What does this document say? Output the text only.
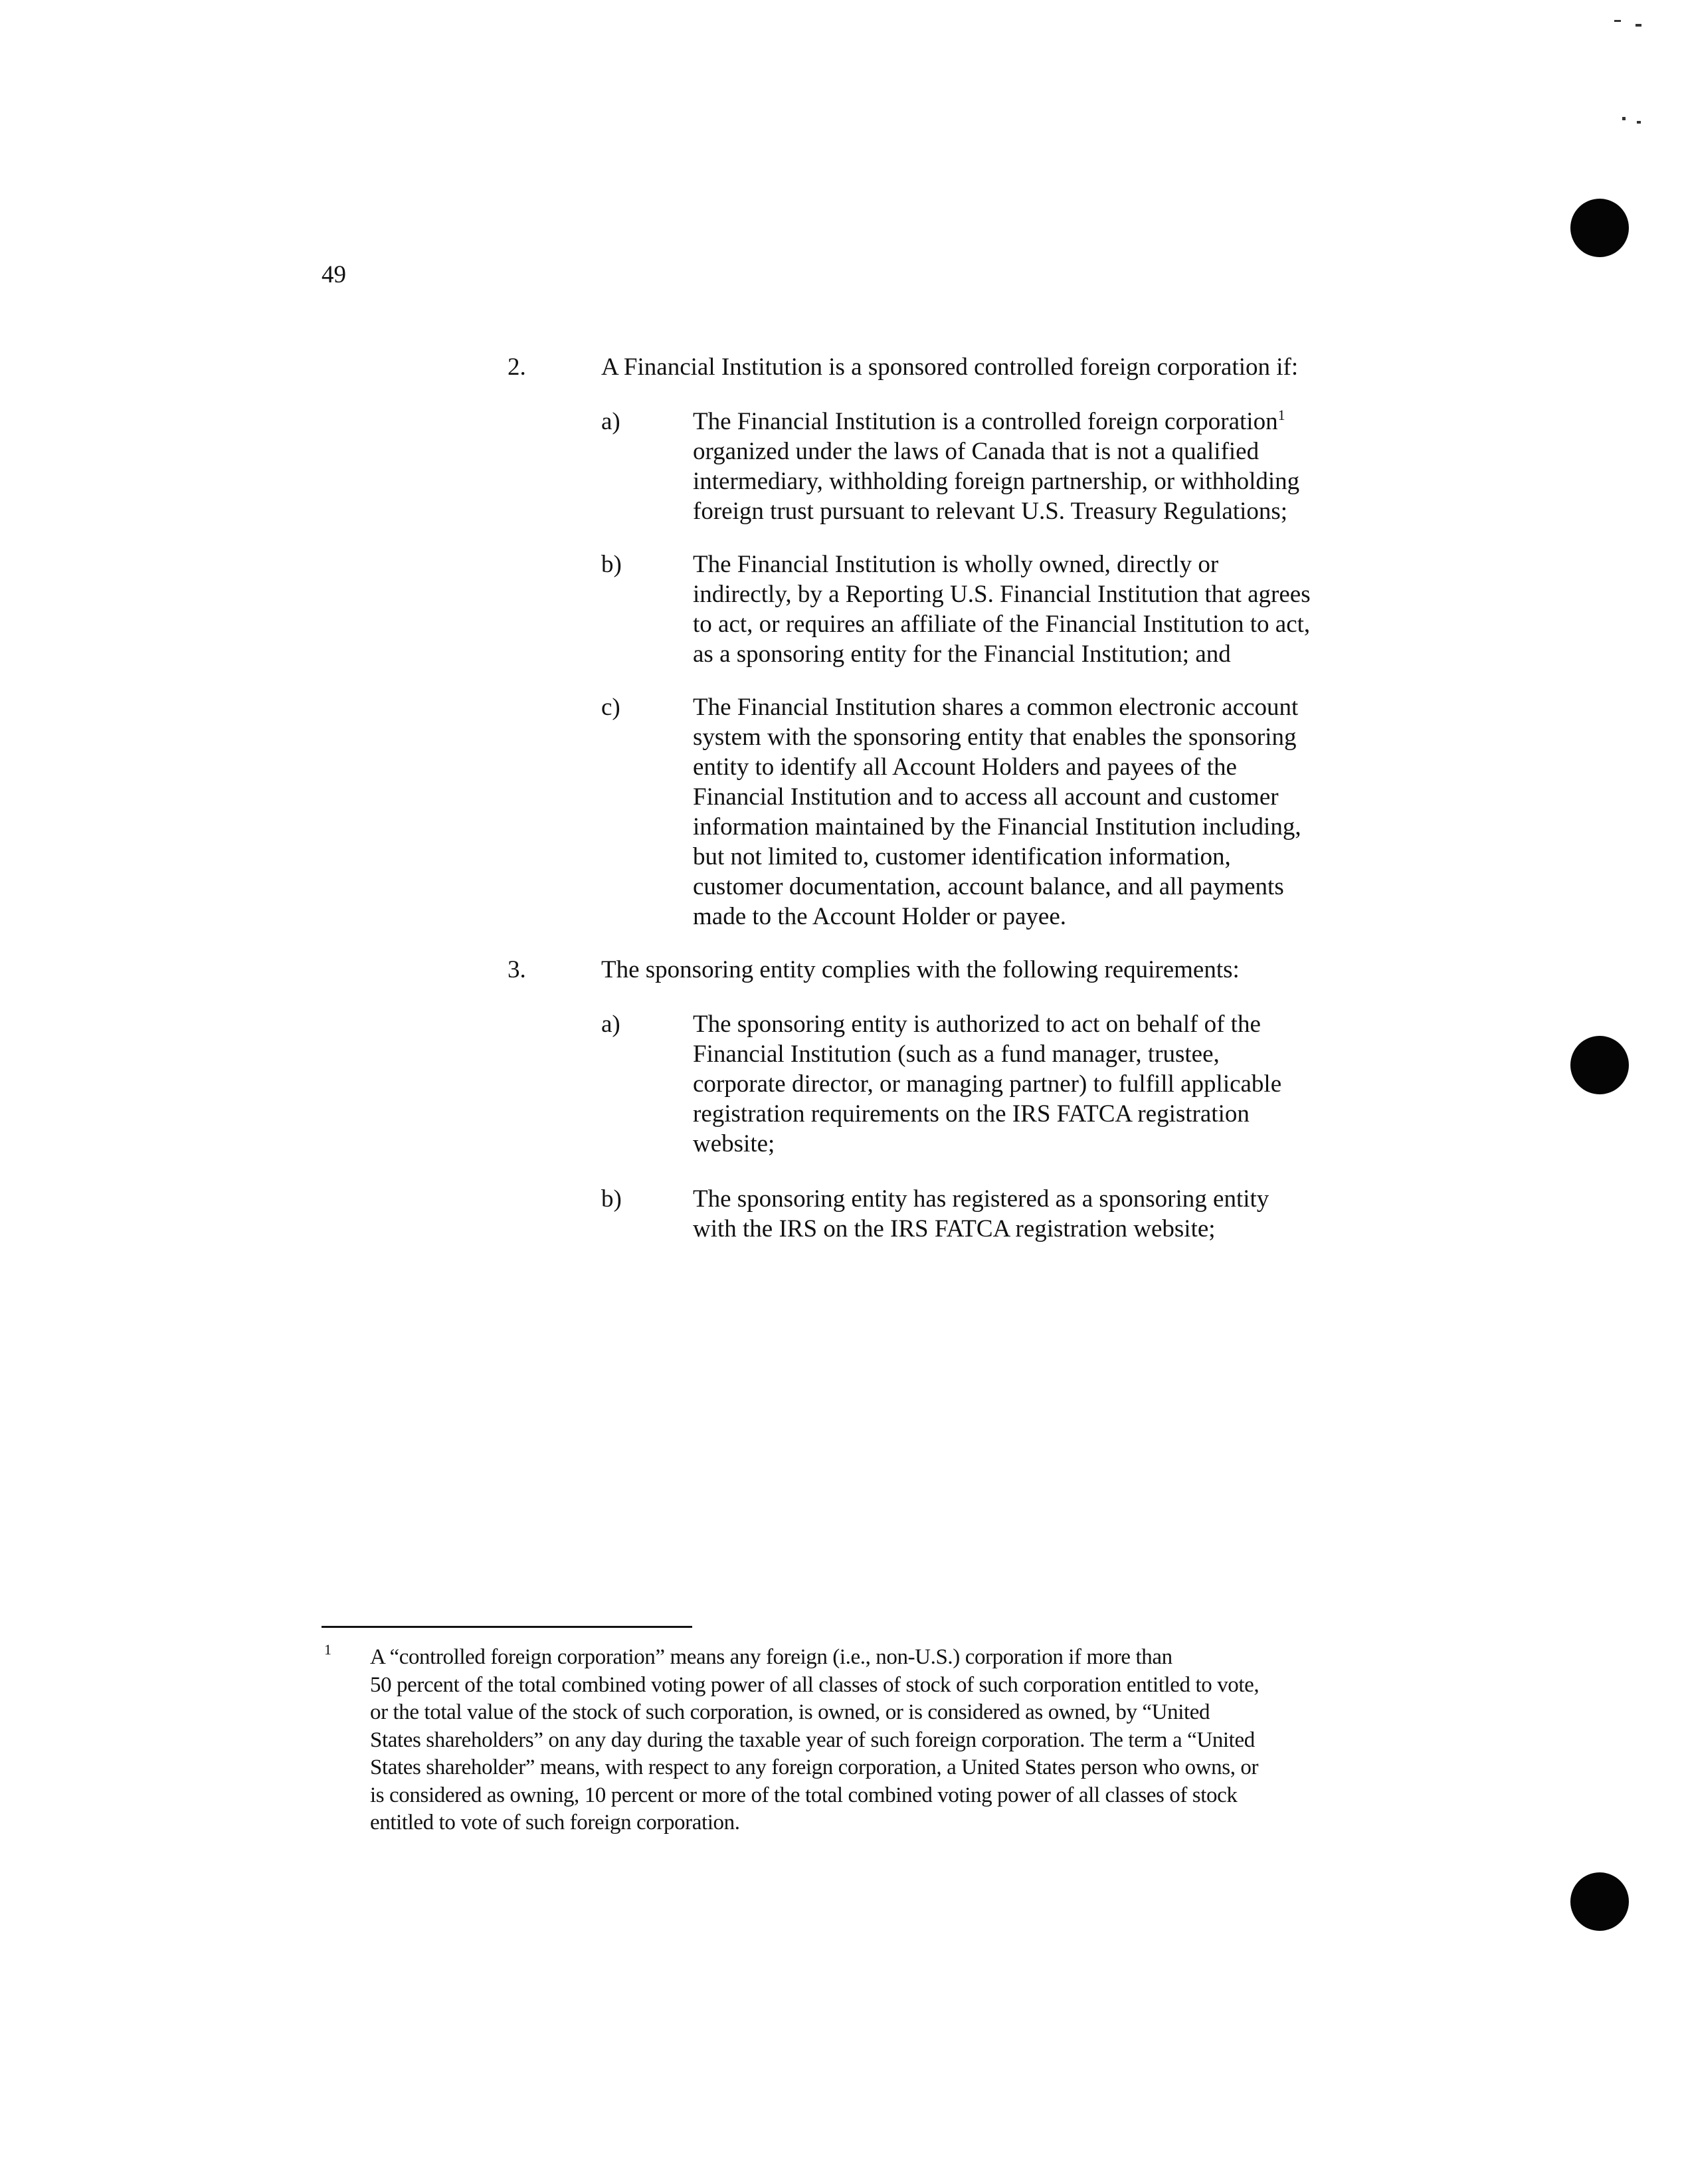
49
2.	A Financial Institution is a sponsored controlled foreign corporation if:
a)	The Financial Institution is a controlled foreign corporation$^1$
organized under the laws of Canada that is not a qualified
intermediary, withholding foreign partnership, or withholding
foreign trust pursuant to relevant U.S. Treasury Regulations;
b)	The Financial Institution is wholly owned, directly or
indirectly, by a Reporting U.S. Financial Institution that agrees
to act, or requires an affiliate of the Financial Institution to act,
as a sponsoring entity for the Financial Institution; and
c)	The Financial Institution shares a common electronic account
system with the sponsoring entity that enables the sponsoring
entity to identify all Account Holders and payees of the
Financial Institution and to access all account and customer
information maintained by the Financial Institution including,
but not limited to, customer identification information,
customer documentation, account balance, and all payments
made to the Account Holder or payee.
3.	The sponsoring entity complies with the following requirements:
a)	The sponsoring entity is authorized to act on behalf of the
Financial Institution (such as a fund manager, trustee,
corporate director, or managing partner) to fulfill applicable
registration requirements on the IRS FATCA registration
website;
b)	The sponsoring entity has registered as a sponsoring entity
with the IRS on the IRS FATCA registration website;
1 A “controlled foreign corporation” means any foreign (i.e., non-U.S.) corporation if more than
50 percent of the total combined voting power of all classes of stock of such corporation entitled to vote,
or the total value of the stock of such corporation, is owned, or is considered as owned, by “United
States shareholders” on any day during the taxable year of such foreign corporation. The term a “United
States shareholder” means, with respect to any foreign corporation, a United States person who owns, or
is considered as owning, 10 percent or more of the total combined voting power of all classes of stock
entitled to vote of such foreign corporation.
